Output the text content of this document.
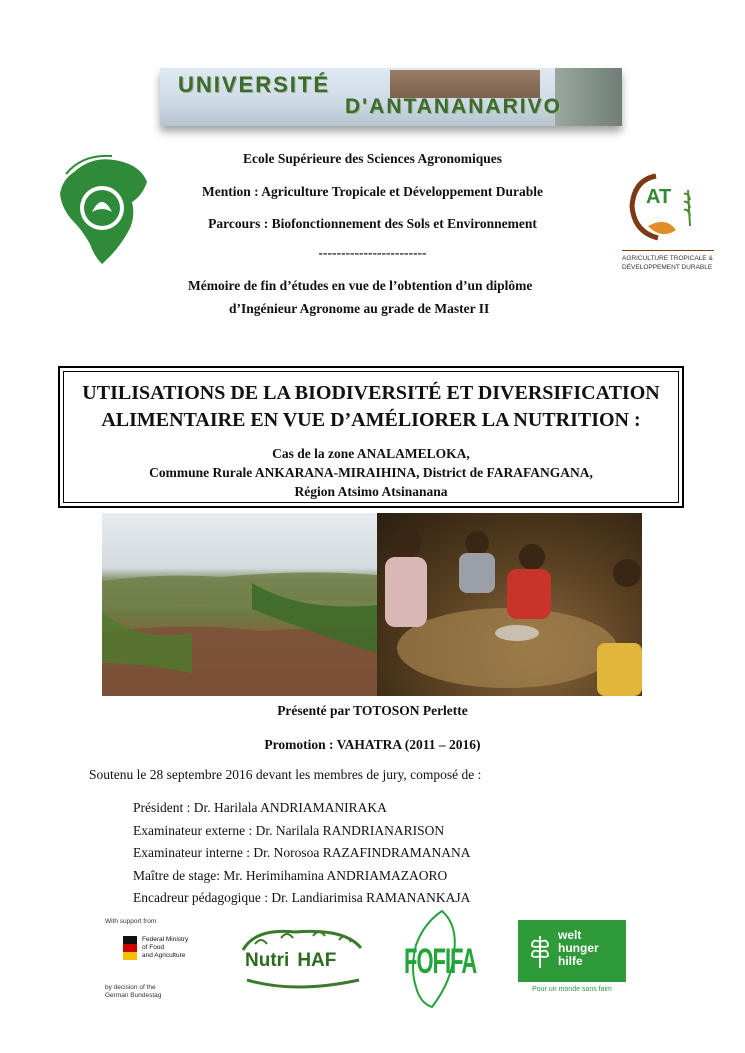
UNIVERSITÉ
D'ANTANANARIVO
AT
AGRICULTURE TROPICALE &
DÉVELOPPEMENT DURABLE
Ecole Supérieure des Sciences Agronomiques
Mention : Agriculture Tropicale et Développement Durable
Parcours : Biofonctionnement des Sols et Environnement
------------------------
Mémoire de fin d’études en vue de l’obtention d’un diplôme
d’Ingénieur Agronome au grade de Master II
UTILISATIONS DE LA BIODIVERSITÉ ET DIVERSIFICATION
ALIMENTAIRE EN VUE D’AMÉLIORER LA NUTRITION :
Cas de la zone ANALAMELOKA,
Commune Rurale ANKARANA-MIRAIHINA, District de FARAFANGANA,
Région Atsimo Atsinanana
Présenté par TOTOSON Perlette
Promotion : VAHATRA (2011 – 2016)
Soutenu le 28 septembre 2016 devant les membres de jury, composé de :
Président : Dr. Harilala ANDRIAMANIRAKA
Examinateur externe : Dr. Narilala RANDRIANARISON
Examinateur interne : Dr. Norosoa RAZAFINDRAMANANA
Maître de stage: Mr. Herimihamina ANDRIAMAZAORO
Encadreur pédagogique : Dr. Landiarimisa RAMANANKAJA
With support from
Federal Ministry
of Food
and Agriculture
by decision of the
German Bundestag
Nutri HAF	FOFIFA
welt
hunger
hilfe
Pour un monde sans faim
